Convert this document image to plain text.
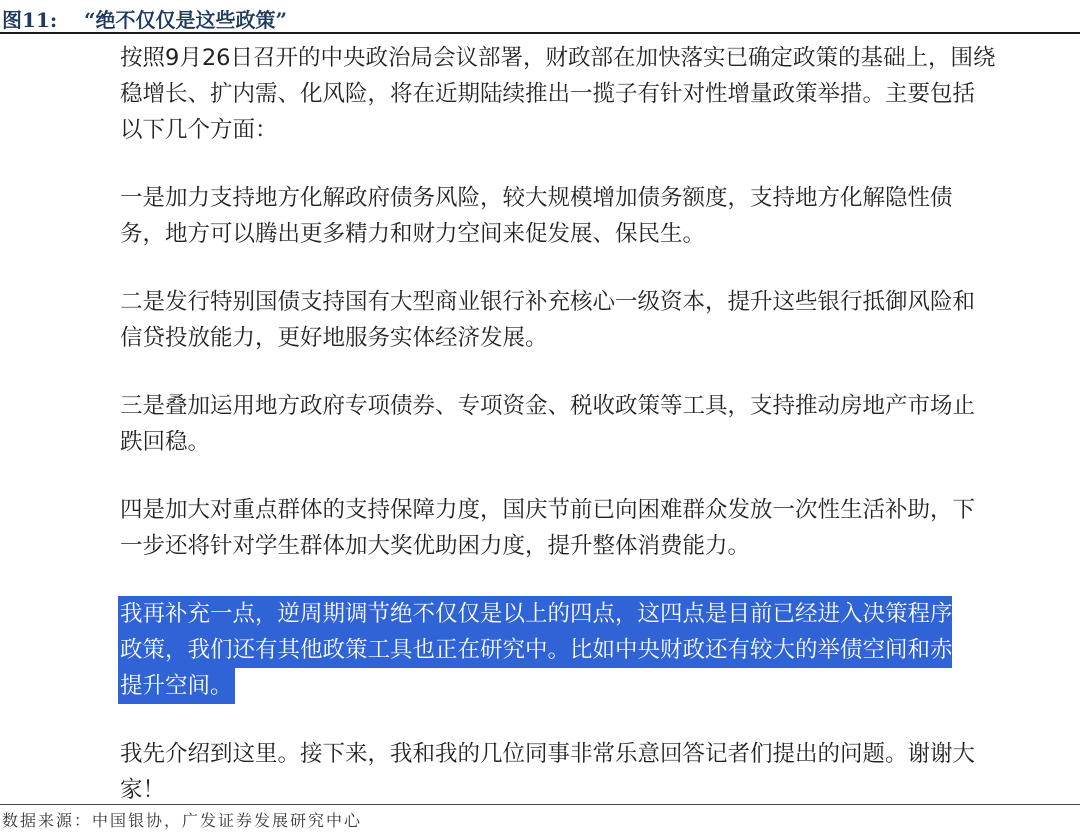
图11: “绝不仅仅是这些政策”

按照9月26日召开的中央政治局会议部署，财政部在加快落实已确定政策的基础上，围绕
稳增长、扩内需、化风险，将在近期陆续推出一揽子有针对性增量政策举措。主要包括
以下几个方面：

一是加力支持地方化解政府债务风险，较大规模增加债务额度，支持地方化解隐性债
务，地方可以腾出更多精力和财力空间来促发展、保民生。

二是发行特别国债支持国有大型商业银行补充核心一级资本，提升这些银行抵御风险和
信贷投放能力，更好地服务实体经济发展。

三是叠加运用地方政府专项债券、专项资金、税收政策等工具，支持推动房地产市场止
跌回稳。

四是加大对重点群体的支持保障力度，国庆节前已向困难群众发放一次性生活补助，下
一步还将针对学生群体加大奖优助困力度，提升整体消费能力。

我再补充一点，逆周期调节绝不仅仅是以上的四点，这四点是目前已经进入决策程序的
政策，我们还有其他政策工具也正在研究中。比如中央财政还有较大的举债空间和赤字
提升空间。

我先介绍到这里。接下来，我和我的几位同事非常乐意回答记者们提出的问题。谢谢大
家！

数据来源：中国银协，广发证券发展研究中心
